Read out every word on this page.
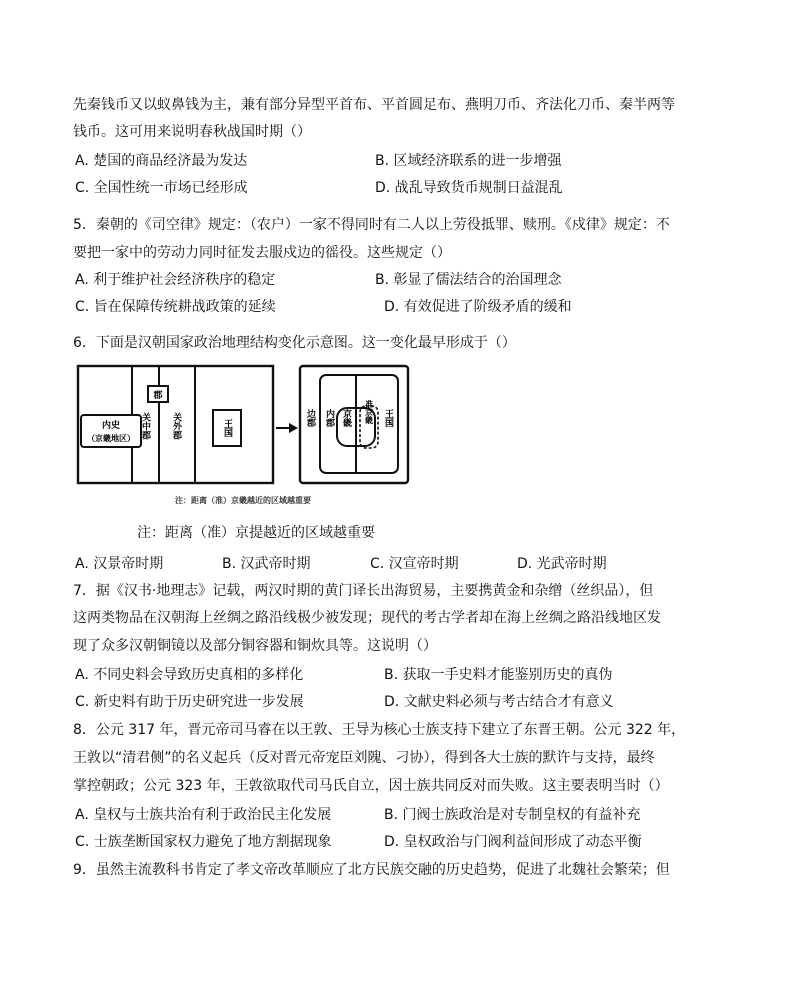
先秦钱币又以蚁鼻钱为主，兼有部分异型平首布、平首圆足布、燕明刀币、齐法化刀币、秦半两等
钱币。这可用来说明春秋战国时期（）
A. 楚国的商品经济最为发达	B. 区域经济联系的进一步增强
C. 全国性统一市场已经形成	D. 战乱导致货币规制日益混乱
5．秦朝的《司空律》规定：（农户）一家不得同时有二人以上劳役抵罪、赎刑。《戍律》规定：不
要把一家中的劳动力同时征发去服戍边的徭役。这些规定（）
A. 利于维护社会经济秩序的稳定	B. 彰显了儒法结合的治国理念
C. 旨在保障传统耕战政策的延续	D. 有效促进了阶级矛盾的缓和
6．下面是汉朝国家政治地理结构变化示意图。这一变化最早形成于（）
内史
（京畿地区）
郡
关中郡 关外郡	王国
边郡 内郡 京畿 准京畿 王国
注：距离（准）京畿越近的区域越重要
注：距离（准）京提越近的区域越重要
A. 汉景帝时期	B. 汉武帝时期	C. 汉宣帝时期	D. 光武帝时期
7．据《汉书·地理志》记载，两汉时期的黄门译长出海贸易，主要携黄金和杂缯（丝织品），但
这两类物品在汉朝海上丝绸之路沿线极少被发现；现代的考古学者却在海上丝绸之路沿线地区发
现了众多汉朝铜镜以及部分铜容器和铜炊具等。这说明（）
A. 不同史料会导致历史真相的多样化	B. 获取一手史料才能鉴别历史的真伪
C. 新史料有助于历史研究进一步发展	D. 文献史料必须与考古结合才有意义
8．公元 317 年，晋元帝司马睿在以王敦、王导为核心士族支持下建立了东晋王朝。公元 322 年，
王敦以“清君侧”的名义起兵（反对晋元帝宠臣刘隗、刁协），得到各大士族的默许与支持，最终
掌控朝政；公元 323 年，王敦欲取代司马氏自立，因士族共同反对而失败。这主要表明当时（）
A. 皇权与士族共治有利于政治民主化发展	B. 门阀士族政治是对专制皇权的有益补充
C. 士族垄断国家权力避免了地方割据现象	D. 皇权政治与门阀利益间形成了动态平衡
9．虽然主流教科书肯定了孝文帝改革顺应了北方民族交融的历史趋势，促进了北魏社会繁荣；但
